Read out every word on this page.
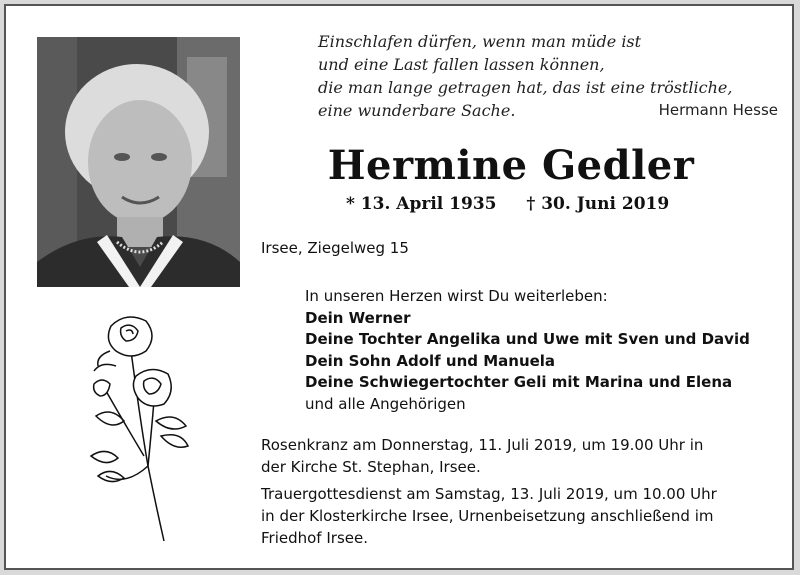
Einschlafen dürfen, wenn man müde ist
und eine Last fallen lassen können,
die man lange getragen hat, das ist eine tröstliche,
eine wunderbare Sache.	Hermann Hesse
Hermine Gedler
* 13. April 1935 † 30. Juni 2019
Irsee, Ziegelweg 15
In unseren Herzen wirst Du weiterleben:
Dein Werner
Deine Tochter Angelika und Uwe mit Sven und David
Dein Sohn Adolf und Manuela
Deine Schwiegertochter Geli mit Marina und Elena
und alle Angehörigen
Rosenkranz am Donnerstag, 11. Juli 2019, um 19.00 Uhr in
der Kirche St. Stephan, Irsee.
Trauergottesdienst am Samstag, 13. Juli 2019, um 10.00 Uhr
in der Klosterkirche Irsee, Urnenbeisetzung anschließend im
Friedhof Irsee.
